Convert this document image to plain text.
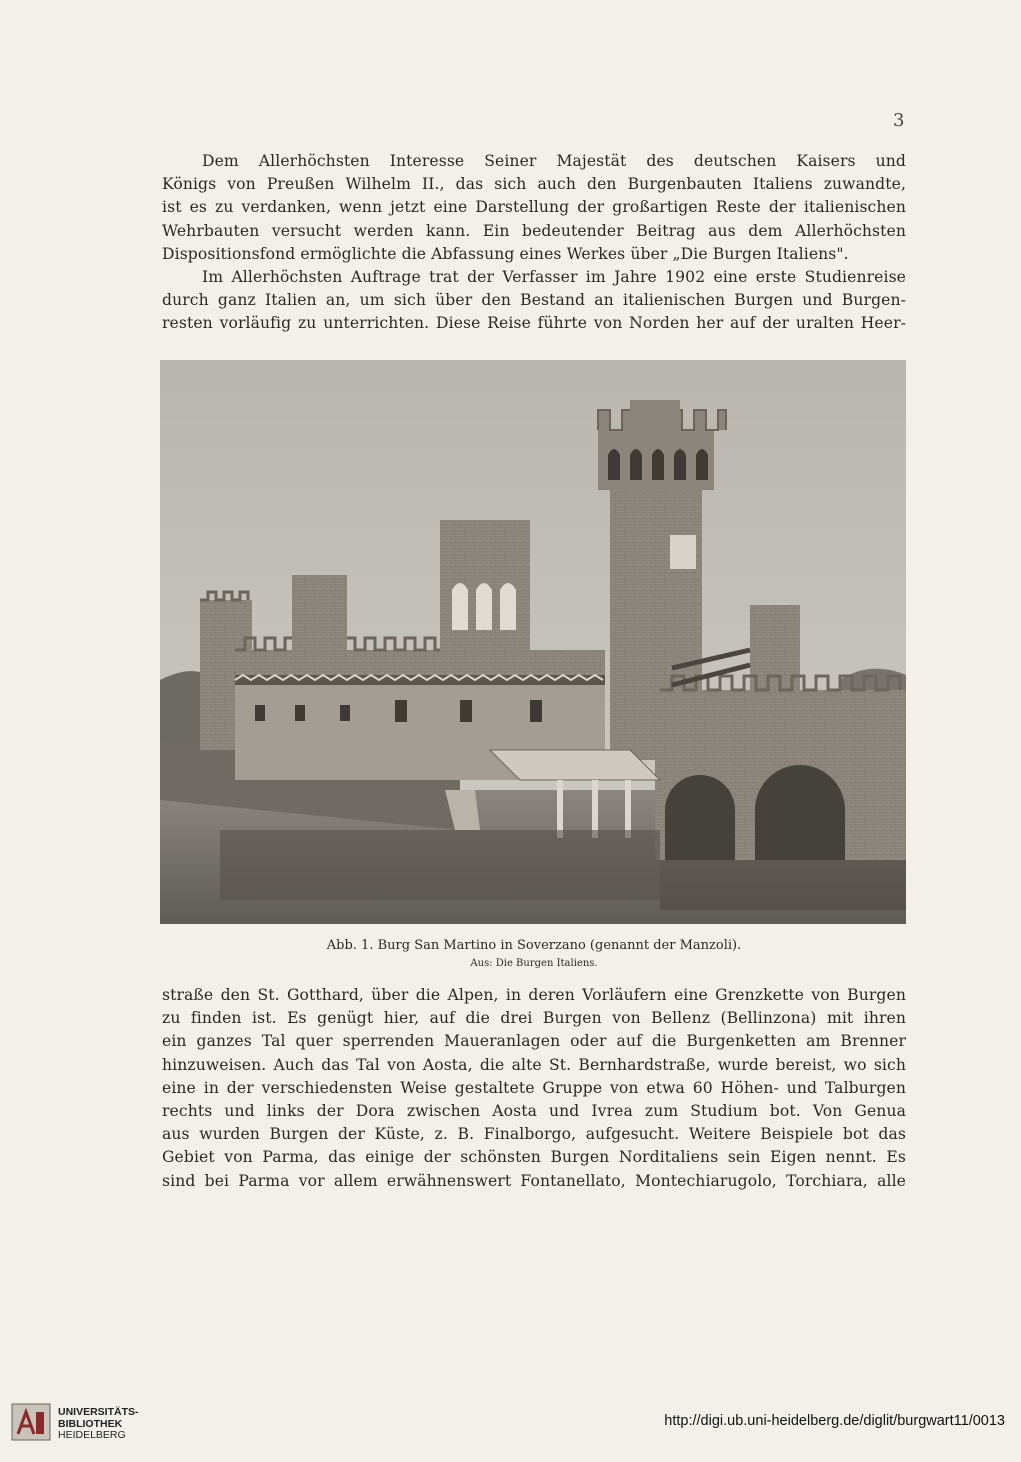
3
Dem Allerhöchsten Interesse Seiner Majestät des deutschen Kaisers und
Königs von Preußen Wilhelm II., das sich auch den Burgenbauten Italiens zuwandte,
ist es zu verdanken, wenn jetzt eine Darstellung der großartigen Reste der italienischen
Wehrbauten versucht werden kann. Ein bedeutender Beitrag aus dem Allerhöchsten
Dispositionsfond ermöglichte die Abfassung eines Werkes über „Die Burgen Italiens".
Im Allerhöchsten Auftrage trat der Verfasser im Jahre 1902 eine erste Studienreise
durch ganz Italien an, um sich über den Bestand an italienischen Burgen und Burgen-
resten vorläufig zu unterrichten. Diese Reise führte von Norden her auf der uralten Heer-
Abb. 1. Burg San Martino in Soverzano (genannt der Manzoli).
Aus: Die Burgen Italiens.
straße den St. Gotthard, über die Alpen, in deren Vorläufern eine Grenzkette von Burgen
zu finden ist. Es genügt hier, auf die drei Burgen von Bellenz (Bellinzona) mit ihren
ein ganzes Tal quer sperrenden Maueranlagen oder auf die Burgenketten am Brenner
hinzuweisen. Auch das Tal von Aosta, die alte St. Bernhardstraße, wurde bereist, wo sich
eine in der verschiedensten Weise gestaltete Gruppe von etwa 60 Höhen- und Talburgen
rechts und links der Dora zwischen Aosta und Ivrea zum Studium bot. Von Genua
aus wurden Burgen der Küste, z. B. Finalborgo, aufgesucht. Weitere Beispiele bot das
Gebiet von Parma, das einige der schönsten Burgen Norditaliens sein Eigen nennt. Es
sind bei Parma vor allem erwähnenswert Fontanellato, Montechiarugolo, Torchiara, alle
UNIVERSITÄTS-
BIBLIOTHEK

HEIDELBERG
http://digi.ub.uni-heidelberg.de/diglit/burgwart11/0013
